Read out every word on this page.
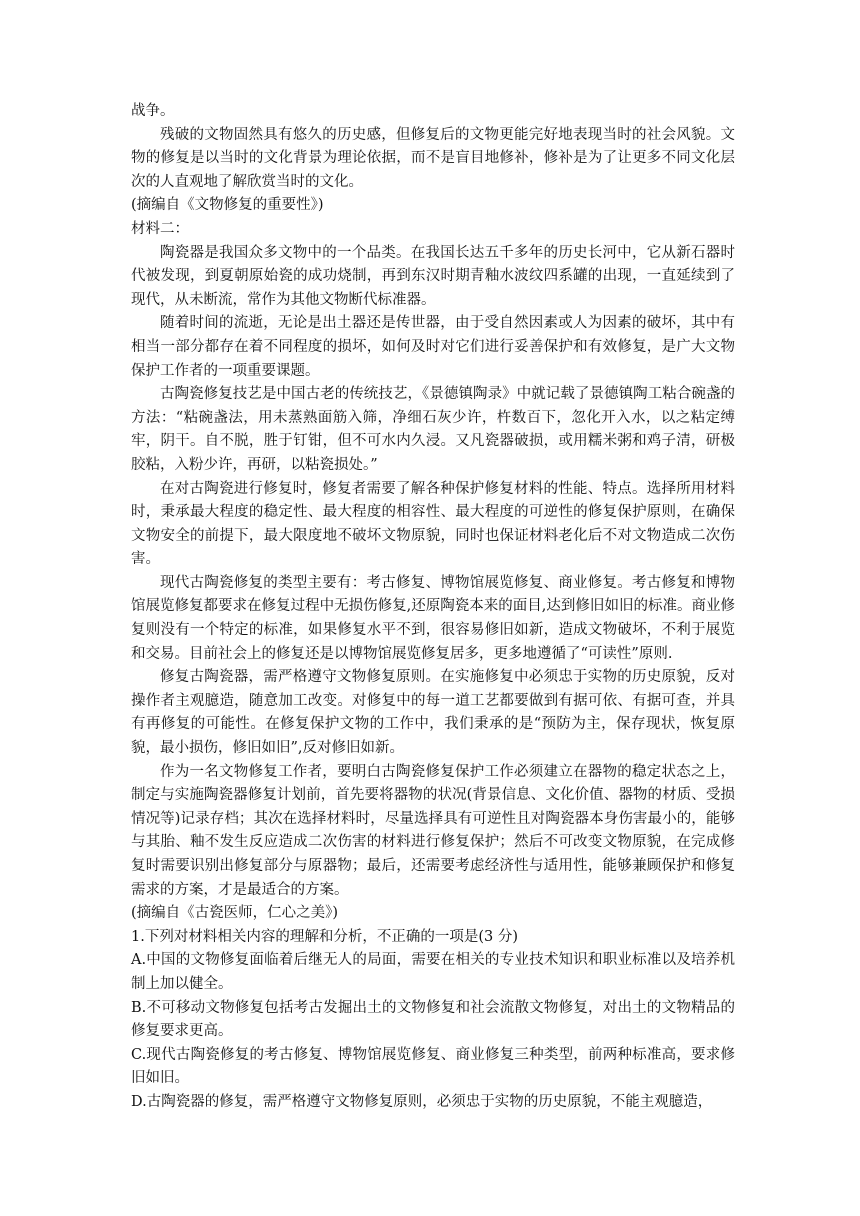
战争。

残破的文物固然具有悠久的历史感，但修复后的文物更能完好地表现当时的社会风貌。文物的修复是以当时的文化背景为理论依据，而不是盲目地修补，修补是为了让更多不同文化层次的人直观地了解欣赏当时的文化。

(摘编自《文物修复的重要性》)
材料二：

陶瓷器是我国众多文物中的一个品类。在我国长达五千多年的历史长河中，它从新石器时代被发现，到夏朝原始瓷的成功烧制，再到东汉时期青釉水波纹四系罐的出现，一直延续到了现代，从未断流，常作为其他文物断代标准器。

随着时间的流逝，无论是出土器还是传世器，由于受自然因素或人为因素的破坏，其中有相当一部分都存在着不同程度的损坏，如何及时对它们进行妥善保护和有效修复，是广大文物保护工作者的一项重要课题。

古陶瓷修复技艺是中国古老的传统技艺，《景德镇陶录》中就记载了景德镇陶工粘合碗盏的方法：“粘碗盏法，用未蒸熟面筋入筛，净细石灰少许，杵数百下，忽化开入水，以之粘定缚牢，阴干。自不脱，胜于钉钳，但不可水内久浸。又凡瓷器破损，或用糯米粥和鸡子清，研极胶粘，入粉少许，再研，以粘瓷损处。”

在对古陶瓷进行修复时，修复者需要了解各种保护修复材料的性能、特点。选择所用材料时，秉承最大程度的稳定性、最大程度的相容性、最大程度的可逆性的修复保护原则，在确保文物安全的前提下，最大限度地不破坏文物原貌，同时也保证材料老化后不对文物造成二次伤害。

现代古陶瓷修复的类型主要有：考古修复、博物馆展览修复、商业修复。考古修复和博物馆展览修复都要求在修复过程中无损伤修复,还原陶瓷本来的面目,达到修旧如旧的标准。商业修复则没有一个特定的标准，如果修复水平不到，很容易修旧如新，造成文物破坏，不利于展览和交易。目前社会上的修复还是以博物馆展览修复居多，更多地遵循了“可读性”原则.

修复古陶瓷器，需严格遵守文物修复原则。在实施修复中必须忠于实物的历史原貌，反对操作者主观臆造，随意加工改变。对修复中的每一道工艺都要做到有据可依、有据可查，并具有再修复的可能性。在修复保护文物的工作中，我们秉承的是“预防为主，保存现状，恢复原貌，最小损伤，修旧如旧”,反对修旧如新。

作为一名文物修复工作者，要明白古陶瓷修复保护工作必须建立在器物的稳定状态之上，制定与实施陶瓷器修复计划前，首先要将器物的状况(背景信息、文化价值、器物的材质、受损情况等)记录存档；其次在选择材料时，尽量选择具有可逆性且对陶瓷器本身伤害最小的，能够与其胎、釉不发生反应造成二次伤害的材料进行修复保护；然后不可改变文物原貌，在完成修复时需要识别出修复部分与原器物；最后，还需要考虑经济性与适用性，能够兼顾保护和修复需求的方案，才是最适合的方案。

(摘编自《古瓷医师，仁心之美》)

1.下列对材料相关内容的理解和分析，不正确的一项是(3 分)

A.中国的文物修复面临着后继无人的局面，需要在相关的专业技术知识和职业标准以及培养机制上加以健全。

B.不可移动文物修复包括考古发掘出土的文物修复和社会流散文物修复，对出土的文物精品的修复要求更高。

C.现代古陶瓷修复的考古修复、博物馆展览修复、商业修复三种类型，前两种标准高，要求修旧如旧。

D.古陶瓷器的修复，需严格遵守文物修复原则，必须忠于实物的历史原貌，不能主观臆造，
